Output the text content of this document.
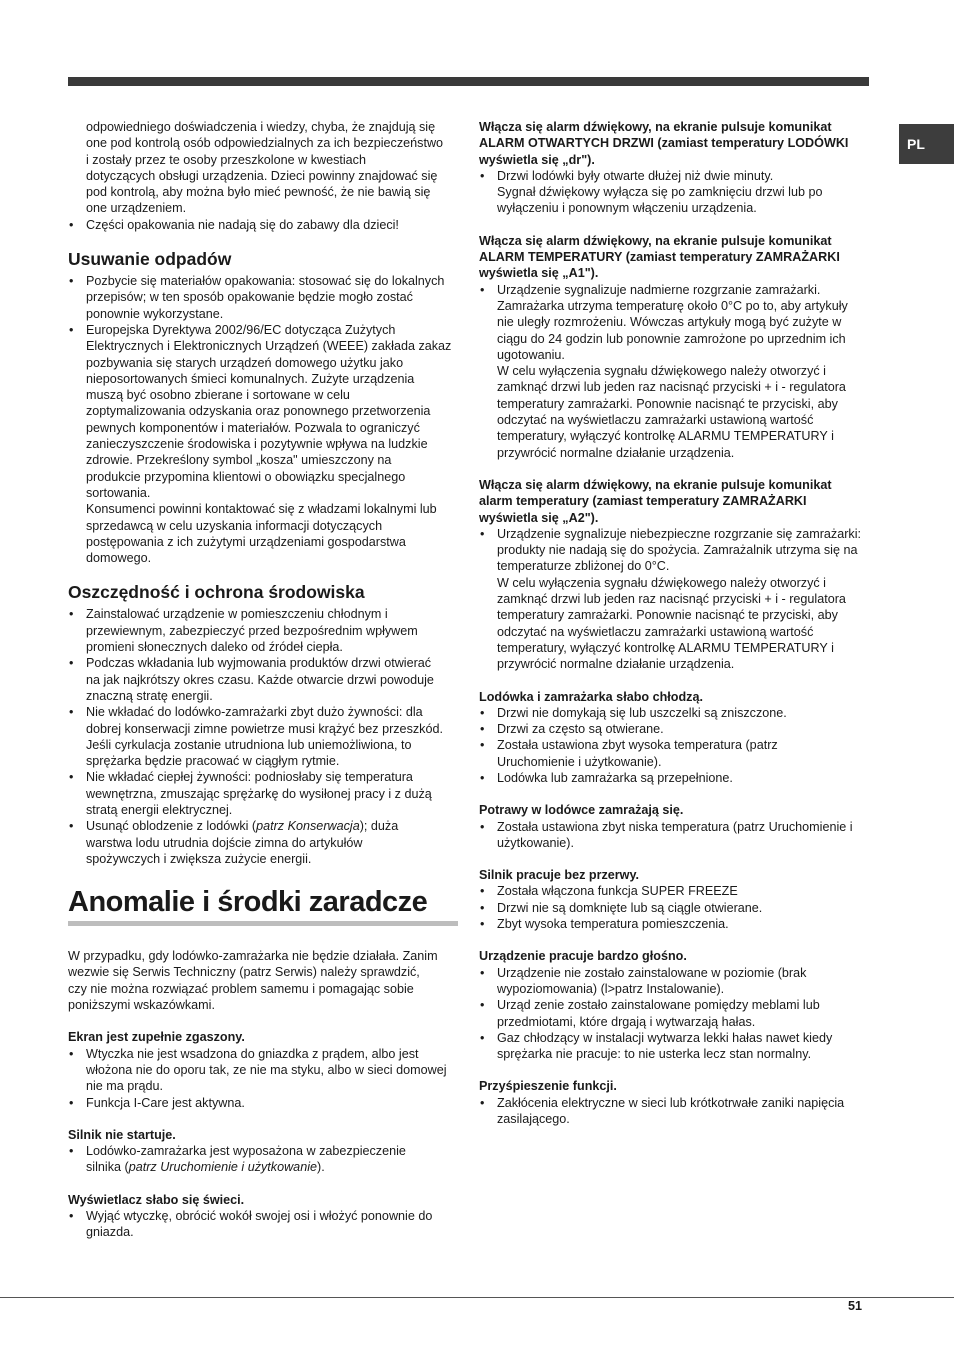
PL
odpowiedniego doświadczenia i wiedzy, chyba, że znajdują się
one pod kontrolą osób odpowiedzialnych za ich bezpieczeństwo
i zostały przez te osoby przeszkolone w kwestiach
dotyczących obsługi urządzenia. Dzieci powinny znajdować się
pod kontrolą, aby można było mieć pewność, że nie bawią się
one urządzeniem.
• Części opakowania nie nadają się do zabawy dla dzieci!
Usuwanie odpadów
• Pozbycie się materiałów opakowania: stosować się do lokalnych
przepisów; w ten sposób opakowanie będzie mogło zostać
ponownie wykorzystane.
• Europejska Dyrektywa 2002/96/EC dotycząca Zużytych
Elektrycznych i Elektronicznych Urządzeń (WEEE) zakłada zakaz
pozbywania się starych urządzeń domowego użytku jako
nieposortowanych śmieci komunalnych. Zużyte urządzenia
muszą być osobno zbierane i sortowane w celu
zoptymalizowania odzyskania oraz ponownego przetworzenia
pewnych komponentów i materiałów. Pozwala to ograniczyć
zanieczyszczenie środowiska i pozytywnie wpływa na ludzkie
zdrowie. Przekreślony symbol „kosza" umieszczony na
produkcie przypomina klientowi o obowiązku specjalnego
sortowania.
Konsumenci powinni kontaktować się z władzami lokalnymi lub
sprzedawcą w celu uzyskania informacji dotyczących
postępowania z ich zużytymi urządzeniami gospodarstwa
domowego.
Oszczędność i ochrona środowiska
• Zainstalować urządzenie w pomieszczeniu chłodnym i
przewiewnym, zabezpieczyć przed bezpośrednim wpływem
promieni słonecznych daleko od źródeł ciepła.
• Podczas wkładania lub wyjmowania produktów drzwi otwierać
na jak najkrótszy okres czasu. Każde otwarcie drzwi powoduje
znaczną stratę energii.
• Nie wkładać do lodówko-zamrażarki zbyt dużo żywności: dla
dobrej konserwacji zimne powietrze musi krążyć bez przeszkód.
Jeśli cyrkulacja zostanie utrudniona lub uniemożliwiona, to
sprężarka będzie pracować w ciągłym rytmie.
• Nie wkładać ciepłej żywności: podniosłaby się temperatura
wewnętrzna, zmuszając sprężarkę do wysiłonej pracy i z dużą
stratą energii elektrycznej.
• Usunąć oblodzenie z lodówki (patrz Konserwacja); duża
warstwa lodu utrudnia dojście zimna do artykułów
spożywczych i zwiększa zużycie energii.
Anomalie i środki zaradcze
W przypadku, gdy lodówko-zamrażarka nie będzie działała. Zanim
wezwie się Serwis Techniczny (patrz Serwis) należy sprawdzić,
czy nie można rozwiązać problem samemu i pomagając sobie
poniższymi wskazówkami.
Ekran jest zupełnie zgaszony.
• Wtyczka nie jest wsadzona do gniazdka z prądem, albo jest
włożona nie do oporu tak, ze nie ma styku, albo w sieci domowej
nie ma prądu.
• Funkcja I-Care jest aktywna.
Silnik nie startuje.
• Lodówko-zamrażarka jest wyposażona w zabezpieczenie
silnika (patrz Uruchomienie i użytkowanie).
Wyświetlacz słabo się świeci.
• Wyjąć wtyczkę, obrócić wokół swojej osi i włożyć ponownie do
gniazda.
Włącza się alarm dźwiękowy, na ekranie pulsuje komunikat
ALARM OTWARTYCH DRZWI (zamiast temperatury LODÓWKI
wyświetla się „dr").
• Drzwi lodówki były otwarte dłużej niż dwie minuty.
Sygnał dźwiękowy wyłącza się po zamknięciu drzwi lub po
wyłączeniu i ponownym włączeniu urządzenia.
Włącza się alarm dźwiękowy, na ekranie pulsuje komunikat
ALARM TEMPERATURY (zamiast temperatury ZAMRAŻARKI
wyświetla się „A1").
• Urządzenie sygnalizuje nadmierne rozgrzanie zamrażarki.
Zamrażarka utrzyma temperaturę około 0°C po to, aby artykuły
nie uległy rozmrożeniu. Wówczas artykuły mogą być zużyte w
ciągu do 24 godzin lub ponownie zamrożone po uprzednim ich
ugotowaniu.
W celu wyłączenia sygnału dźwiękowego należy otworzyć i
zamknąć drzwi lub jeden raz nacisnąć przyciski + i - regulatora
temperatury zamrażarki. Ponownie nacisnąć te przyciski, aby
odczytać na wyświetlaczu zamrażarki ustawioną wartość
temperatury, wyłączyć kontrolkę ALARMU TEMPERATURY i
przywrócić normalne działanie urządzenia.
Włącza się alarm dźwiękowy, na ekranie pulsuje komunikat
alarm temperatury (zamiast temperatury ZAMRAŻARKI
wyświetla się „A2").
• Urządzenie sygnalizuje niebezpieczne rozgrzanie się zamrażarki:
produkty nie nadają się do spożycia. Zamrażalnik utrzyma się na
temperaturze zbliżonej do 0°C.
W celu wyłączenia sygnału dźwiękowego należy otworzyć i
zamknąć drzwi lub jeden raz nacisnąć przyciski + i - regulatora
temperatury zamrażarki. Ponownie nacisnąć te przyciski, aby
odczytać na wyświetlaczu zamrażarki ustawioną wartość
temperatury, wyłączyć kontrolkę ALARMU TEMPERATURY i
przywrócić normalne działanie urządzenia.
Lodówka i zamrażarka słabo chłodzą.
• Drzwi nie domykają się lub uszczelki są zniszczone.
• Drzwi za często są otwierane.
• Została ustawiona zbyt wysoka temperatura (patrz
Uruchomienie i użytkowanie).
• Lodówka lub zamrażarka są przepełnione.
Potrawy w lodówce zamrażają się.
• Została ustawiona zbyt niska temperatura (patrz Uruchomienie i
użytkowanie).
Silnik pracuje bez przerwy.
• Została włączona funkcja SUPER FREEZE
• Drzwi nie są domknięte lub są ciągle otwierane.
• Zbyt wysoka temperatura pomieszczenia.
Urządzenie pracuje bardzo głośno.
• Urządzenie nie zostało zainstalowane w poziomie (brak
wypoziomowania) (l>patrz Instalowanie).
• Urząd zenie zostało zainstalowane pomiędzy meblami lub
przedmiotami, które drgają i wytwarzają hałas.
• Gaz chłodzący w instalacji wytwarza lekki hałas nawet kiedy
sprężarka nie pracuje: to nie usterka lecz stan normalny.
Przyśpieszenie funkcji.
• Zakłócenia elektryczne w sieci lub krótkotrwałe zaniki napięcia
zasilającego.
51
